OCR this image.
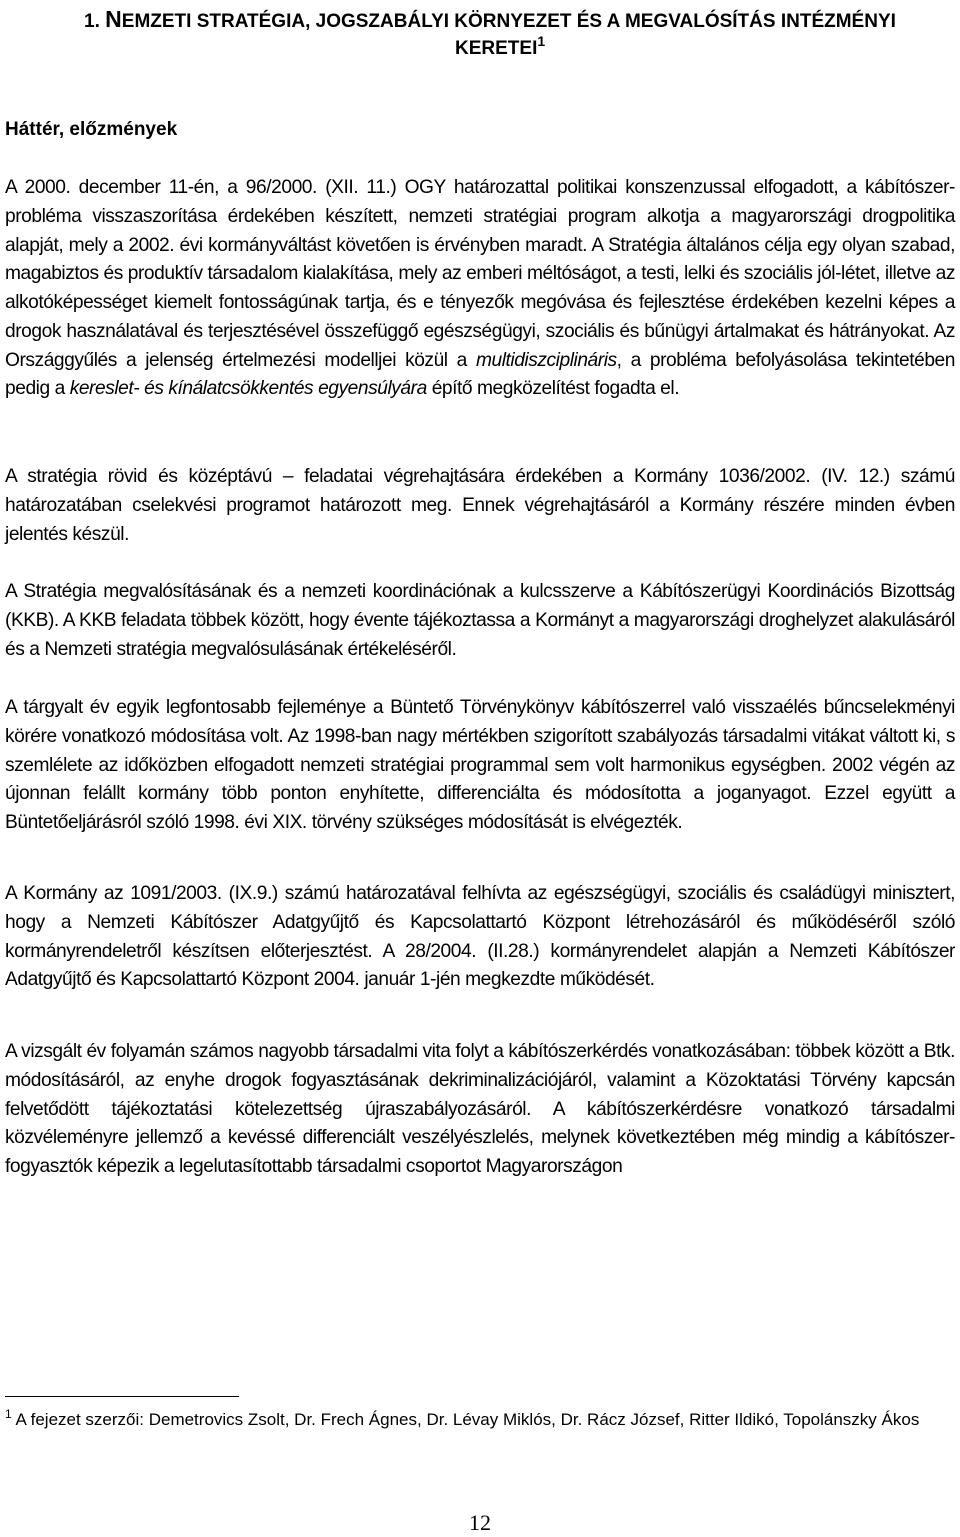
1. NEMZETI STRATÉGIA, JOGSZABÁLYI KÖRNYEZET ÉS A MEGVALÓSÍTÁS INTÉZMÉNYI
KERETEI$^1$
Háttér, előzmények

A 2000. december 11-én, a 96/2000. (XII. 11.) OGY határozattal politikai konszenzussal elfogadott, a kábítószer-probléma visszaszorítása érdekében készített, nemzeti stratégiai program alkotja a magyarországi drogpolitika alapját, mely a 2002. évi kormányváltást követően is érvényben maradt. A Stratégia általános célja egy olyan szabad, magabiztos és produktív társadalom kialakítása, mely az emberi méltóságot, a testi, lelki és szociális jól-létet, illetve az alkotóképességet kiemelt fontosságúnak tartja, és e tényezők megóvása és fejlesztése érdekében kezelni képes a drogok használatával és terjesztésével összefüggő egészségügyi, szociális és bűnügyi ártalmakat és hátrányokat. Az Országgyűlés a jelenség értelmezési modelljei közül a multidiszciplináris, a probléma befolyásolása tekintetében pedig a kereslet- és kínálatcsökkentés egyensúlyára építő megközelítést fogadta el.

A stratégia rövid és középtávú – feladatai végrehajtására érdekében a Kormány 1036/2002. (IV. 12.) számú határozatában cselekvési programot határozott meg. Ennek végrehajtásáról a Kormány részére minden évben jelentés készül.

A Stratégia megvalósításának és a nemzeti koordinációnak a kulcsszerve a Kábítószerügyi Koordinációs Bizottság (KKB). A KKB feladata többek között, hogy évente tájékoztassa a Kormányt a magyarországi droghelyzet alakulásáról és a Nemzeti stratégia megvalósulásának értékeléséről.

A tárgyalt év egyik legfontosabb fejleménye a Büntető Törvénykönyv kábítószerrel való visszaélés bűncselekményi körére vonatkozó módosítása volt. Az 1998-ban nagy mértékben szigorított szabályozás társadalmi vitákat váltott ki, s szemlélete az időközben elfogadott nemzeti stratégiai programmal sem volt harmonikus egységben. 2002 végén az újonnan felállt kormány több ponton enyhítette, differenciálta és módosította a joganyagot. Ezzel együtt a Büntetőeljárásról szóló 1998. évi XIX. törvény szükséges módosítását is elvégezték.

A Kormány az 1091/2003. (IX.9.) számú határozatával felhívta az egészségügyi, szociális és családügyi minisztert, hogy a Nemzeti Kábítószer Adatgyűjtő és Kapcsolattartó Központ létrehozásáról és működéséről szóló kormányrendeletről készítsen előterjesztést. A 28/2004. (II.28.) kormányrendelet alapján a Nemzeti Kábítószer Adatgyűjtő és Kapcsolattartó Központ 2004. január 1-jén megkezdte működését.

A vizsgált év folyamán számos nagyobb társadalmi vita folyt a kábítószerkérdés vonatkozásában: többek között a Btk. módosításáról, az enyhe drogok fogyasztásának dekriminalizációjáról, valamint a Közoktatási Törvény kapcsán felvetődött tájékoztatási kötelezettség újraszabályozásáról. A kábítószerkérdésre vonatkozó társadalmi közvéleményre jellemző a kevéssé differenciált veszélyészlelés, melynek következtében még mindig a kábítószer-fogyasztók képezik a legelutasítottabb társadalmi csoportot Magyarországon

$^1$ A fejezet szerzői: Demetrovics Zsolt, Dr. Frech Ágnes, Dr. Lévay Miklós, Dr. Rácz József, Ritter Ildikó, Topolánszky Ákos

12
